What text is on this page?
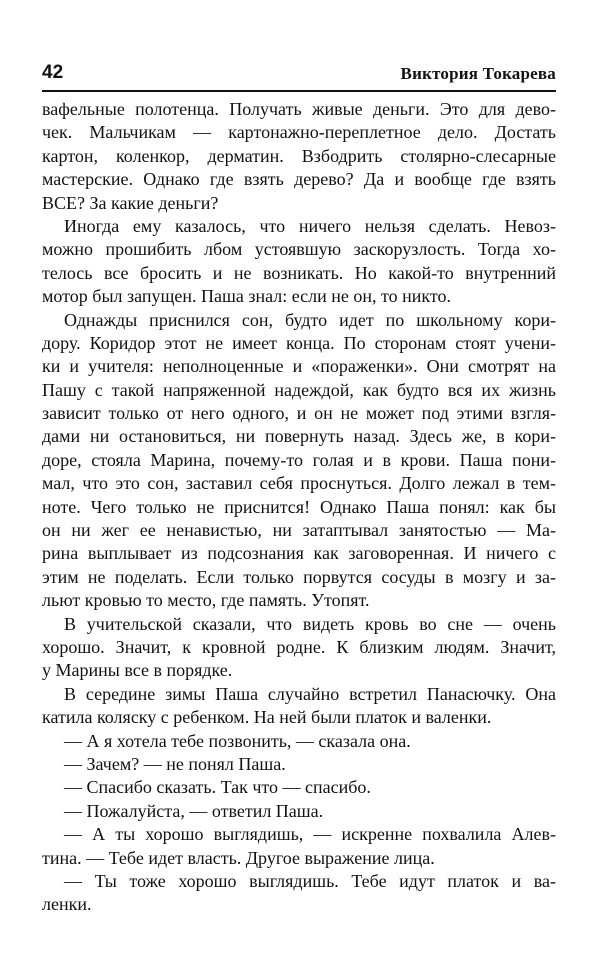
42	Виктория Токарева
вафельные полотенца. Получать живые деньги. Это для дево-
чек. Мальчикам — картонажно-переплетное дело. Достать
картон, коленкор, дерматин. Взбодрить столярно-слесарные
мастерские. Однако где взять дерево? Да и вообще где взять
ВСЕ? За какие деньги?
Иногда ему казалось, что ничего нельзя сделать. Невоз-
можно прошибить лбом устоявшую заскорузлость. Тогда хо-
телось все бросить и не возникать. Но какой-то внутренний
мотор был запущен. Паша знал: если не он, то никто.
Однажды приснился сон, будто идет по школьному кори-
дору. Коридор этот не имеет конца. По сторонам стоят учени-
ки и учителя: неполноценные и «пораженки». Они смотрят на
Пашу с такой напряженной надеждой, как будто вся их жизнь
зависит только от него одного, и он не может под этими взгля-
дами ни остановиться, ни повернуть назад. Здесь же, в кори-
доре, стояла Марина, почему-то голая и в крови. Паша пони-
мал, что это сон, заставил себя проснуться. Долго лежал в тем-
ноте. Чего только не приснится! Однако Паша понял: как бы
он ни жег ее ненавистью, ни затаптывал занятостью — Ма-
рина выплывает из подсознания как заговоренная. И ничего с
этим не поделать. Если только порвутся сосуды в мозгу и за-
льют кровью то место, где память. Утопят.
В учительской сказали, что видеть кровь во сне — очень
хорошо. Значит, к кровной родне. К близким людям. Значит,
у Марины все в порядке.
В середине зимы Паша случайно встретил Панасючку. Она
катила коляску с ребенком. На ней были платок и валенки.
— А я хотела тебе позвонить, — сказала она.
— Зачем? — не понял Паша.
— Спасибо сказать. Так что — спасибо.
— Пожалуйста, — ответил Паша.
— А ты хорошо выглядишь, — искренне похвалила Алев-
тина. — Тебе идет власть. Другое выражение лица.
— Ты тоже хорошо выглядишь. Тебе идут платок и ва-
ленки.
